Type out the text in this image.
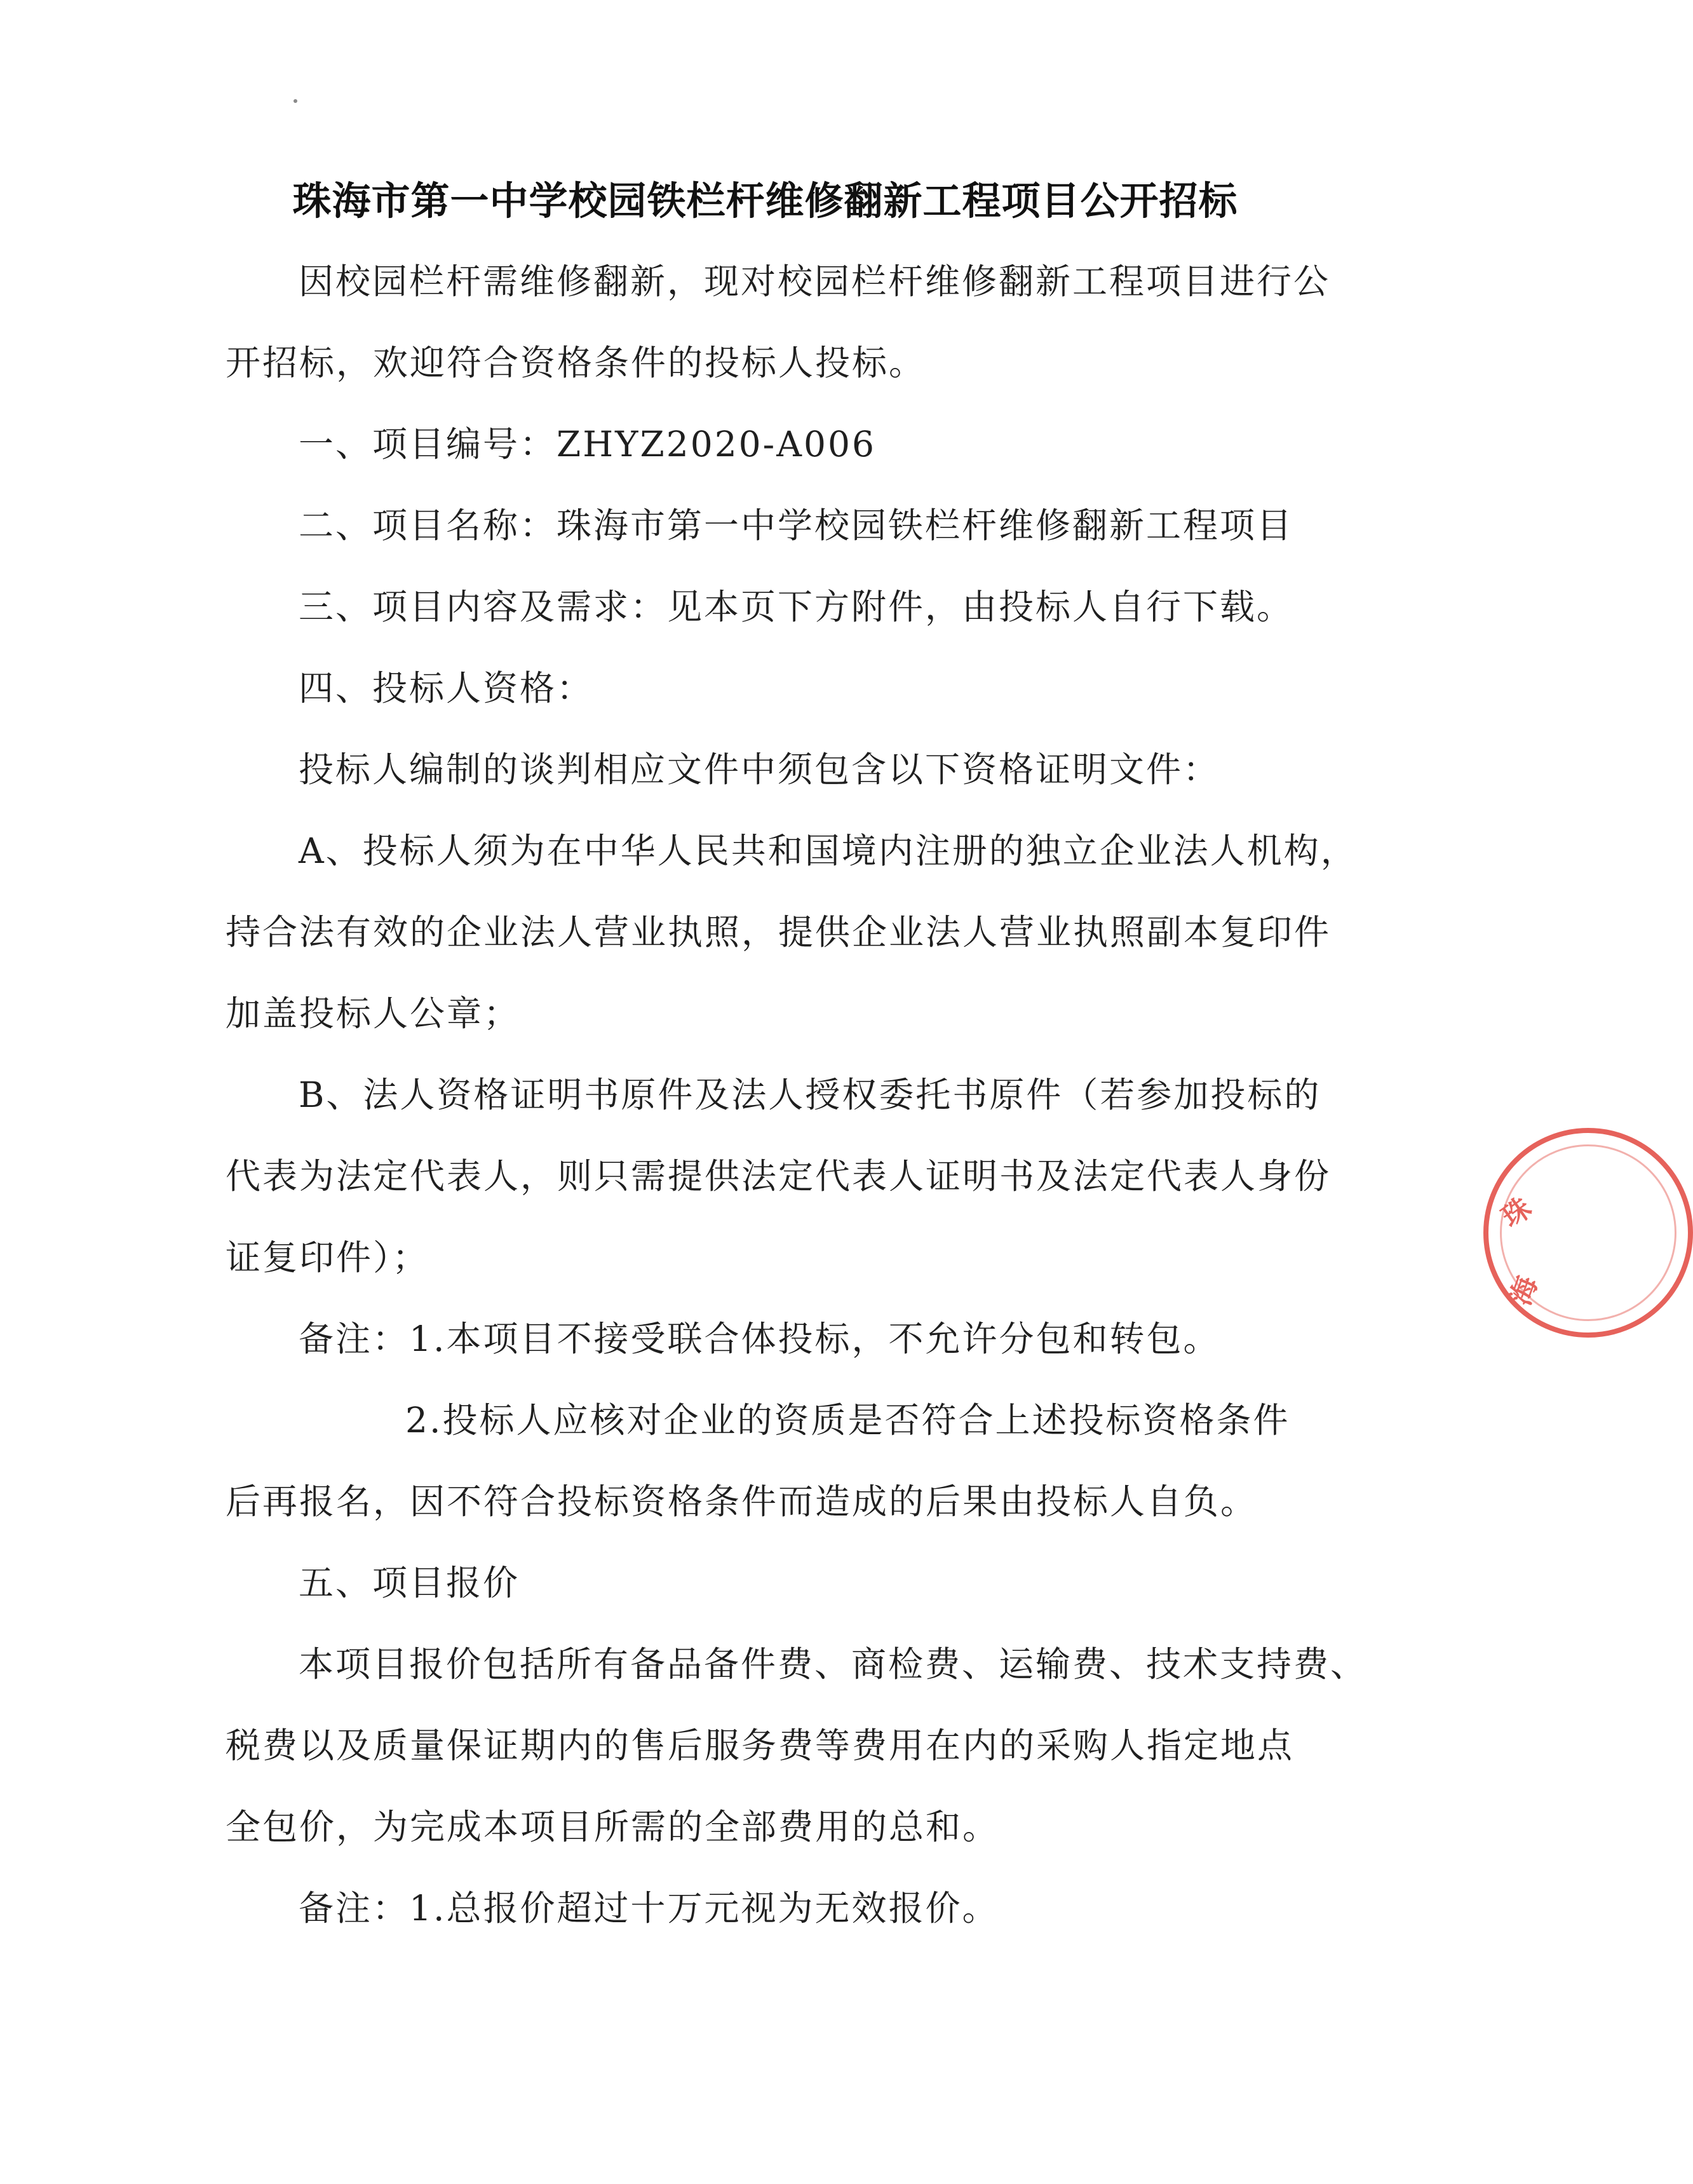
珠海市第一中学校园铁栏杆维修翻新工程项目公开招标
因校园栏杆需维修翻新，现对校园栏杆维修翻新工程项目进行公
开招标，欢迎符合资格条件的投标人投标。
一、项目编号：ZHYZ2020-A006
二、项目名称：珠海市第一中学校园铁栏杆维修翻新工程项目
三、项目内容及需求：见本页下方附件，由投标人自行下载。
四、投标人资格：
投标人编制的谈判相应文件中须包含以下资格证明文件：
A、投标人须为在中华人民共和国境内注册的独立企业法人机构，
持合法有效的企业法人营业执照，提供企业法人营业执照副本复印件
加盖投标人公章；
B、法人资格证明书原件及法人授权委托书原件（若参加投标的
代表为法定代表人，则只需提供法定代表人证明书及法定代表人身份
证复印件）；
备注：1.本项目不接受联合体投标，不允许分包和转包。
2.投标人应核对企业的资质是否符合上述投标资格条件
后再报名，因不符合投标资格条件而造成的后果由投标人自负。
五、项目报价
本项目报价包括所有备品备件费、商检费、运输费、技术支持费、
税费以及质量保证期内的售后服务费等费用在内的采购人指定地点
全包价，为完成本项目所需的全部费用的总和。
备注：1.总报价超过十万元视为无效报价。
珠
海
